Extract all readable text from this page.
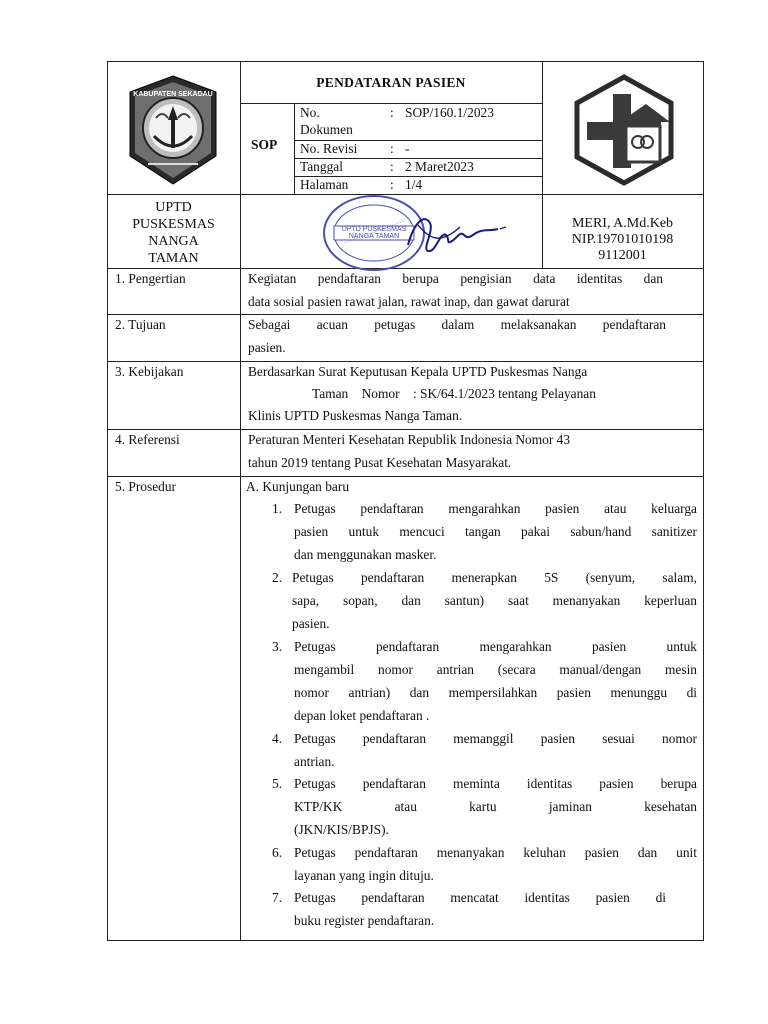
KABUPATEN SEKADAU
PENDATARAN PASIEN
SOP
No.
Dokumen
: SOP/160.1/2023
No. Revisi : -
Tanggal	: 2 Maret2023
Halaman	: 1/4
UPTD
PUSKESMAS
NANGA
TAMAN
UPTD PUSKESMAS NANGA TAMAN
MERI, A.Md.Keb
NIP.19701010198
9112001
1. Pengertian	Kegiatan pendaftaran berupa pengisian data identitas dan
data sosial pasien rawat jalan, rawat inap, dan gawat darurat
2. Tujuan	Sebagai acuan petugas dalam melaksanakan pendaftaran
pasien.
3. Kebijakan	Berdasarkan Surat Keputusan Kepala UPTD Puskesmas Nanga
Taman    Nomor    : SK/64.1/2023 tentang Pelayanan
Klinis UPTD Puskesmas Nanga Taman.
4. Referensi	Peraturan Menteri Kesehatan Republik Indonesia Nomor 43
tahun 2019 tentang Pusat Kesehatan Masyarakat.
5. Prosedur	A. Kunjungan baru
1. Petugas pendaftaran mengarahkan pasien atau keluarga
pasien untuk mencuci tangan pakai sabun/hand sanitizer
dan menggunakan masker.
2. Petugas pendaftaran menerapkan 5S (senyum, salam,
sapa, sopan, dan santun) saat menanyakan keperluan
pasien.
3. Petugas pendaftaran mengarahkan pasien untuk
mengambil nomor antrian (secara manual/dengan mesin
nomor antrian) dan mempersilahkan pasien menunggu di
depan loket pendaftaran .
4. Petugas pendaftaran memanggil pasien sesuai nomor
antrian.
5. Petugas pendaftaran meminta identitas pasien berupa
KTP/KK atau kartu jaminan kesehatan
(JKN/KIS/BPJS).
6. Petugas pendaftaran menanyakan keluhan pasien dan unit
layanan yang ingin dituju.
7. Petugas pendaftaran mencatat identitas pasien di
buku register pendaftaran.
